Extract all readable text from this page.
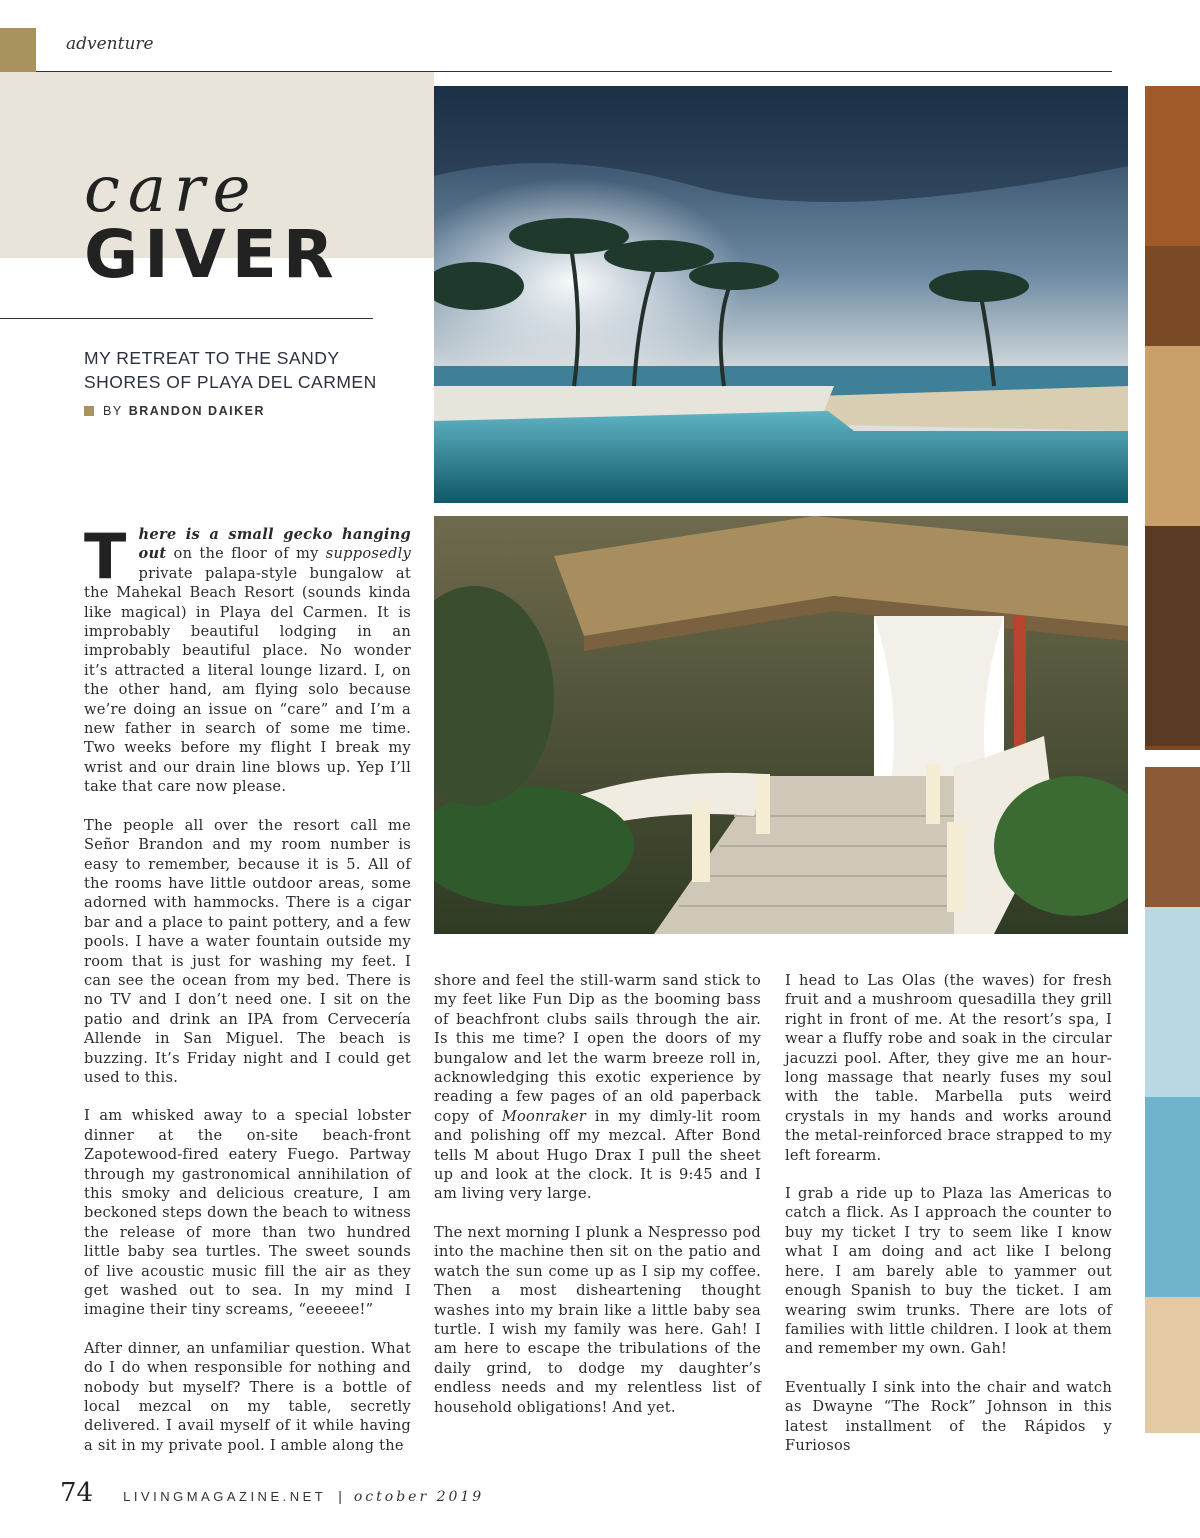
adventure
care
GIVER
MY RETREAT TO THE SANDY SHORES OF PLAYA DEL CARMEN
BY BRANDON DAIKER

There is a small gecko hanging out on the floor of my supposedly private palapa-style bungalow at the Mahekal Beach Resort (sounds kinda like magical) in Playa del Carmen. It is improbably beautiful lodging in an improbably beautiful place. No wonder it’s attracted a literal lounge lizard. I, on the other hand, am flying solo because we’re doing an issue on “care” and I’m a new father in search of some me time. Two weeks before my flight I break my wrist and our drain line blows up. Yep I’ll take that care now please.

The people all over the resort call me Señor Brandon and my room number is easy to remember, because it is 5. All of the rooms have little outdoor areas, some adorned with hammocks. There is a cigar bar and a place to paint pottery, and a few pools. I have a water fountain outside my room that is just for washing my feet. I can see the ocean from my bed. There is no TV and I don’t need one. I sit on the patio and drink an IPA from Cervecería Allende in San Miguel. The beach is buzzing. It’s Friday night and I could get used to this.

I am whisked away to a special lobster dinner at the on-site beach-front Zapotewood-fired eatery Fuego. Partway through my gastronomical annihilation of this smoky and delicious creature, I am beckoned steps down the beach to witness the release of more than two hundred little baby sea turtles. The sweet sounds of live acoustic music fill the air as they get washed out to sea. In my mind I imagine their tiny screams, “eeeeee!”

After dinner, an unfamiliar question. What do I do when responsible for nothing and nobody but myself? There is a bottle of local mezcal on my table, secretly delivered. I avail myself of it while having a sit in my private pool. I amble along the

shore and feel the still-warm sand stick to my feet like Fun Dip as the booming bass of beachfront clubs sails through the air. Is this me time? I open the doors of my bungalow and let the warm breeze roll in, acknowledging this exotic experience by reading a few pages of an old paperback copy of Moonraker in my dimly-lit room and polishing off my mezcal. After Bond tells M about Hugo Drax I pull the sheet up and look at the clock. It is 9:45 and I am living very large.

The next morning I plunk a Nespresso pod into the machine then sit on the patio and watch the sun come up as I sip my coffee. Then a most disheartening thought washes into my brain like a little baby sea turtle. I wish my family was here. Gah! I am here to escape the tribulations of the daily grind, to dodge my daughter’s endless needs and my relentless list of household obligations! And yet.

I head to Las Olas (the waves) for fresh fruit and a mushroom quesadilla they grill right in front of me. At the resort’s spa, I wear a fluffy robe and soak in the circular jacuzzi pool. After, they give me an hour-long massage that nearly fuses my soul with the table. Marbella puts weird crystals in my hands and works around the metal-reinforced brace strapped to my left forearm.

I grab a ride up to Plaza las Americas to catch a flick. As I approach the counter to buy my ticket I try to seem like I know what I am doing and act like I belong here. I am barely able to yammer out enough Spanish to buy the ticket. I am wearing swim trunks. There are lots of families with little children. I look at them and remember my own. Gah!

Eventually I sink into the chair and watch as Dwayne “The Rock” Johnson in this latest installment of the Rápidos y Furiosos

74 LIVINGMAGAZINE.NET | october 2019
